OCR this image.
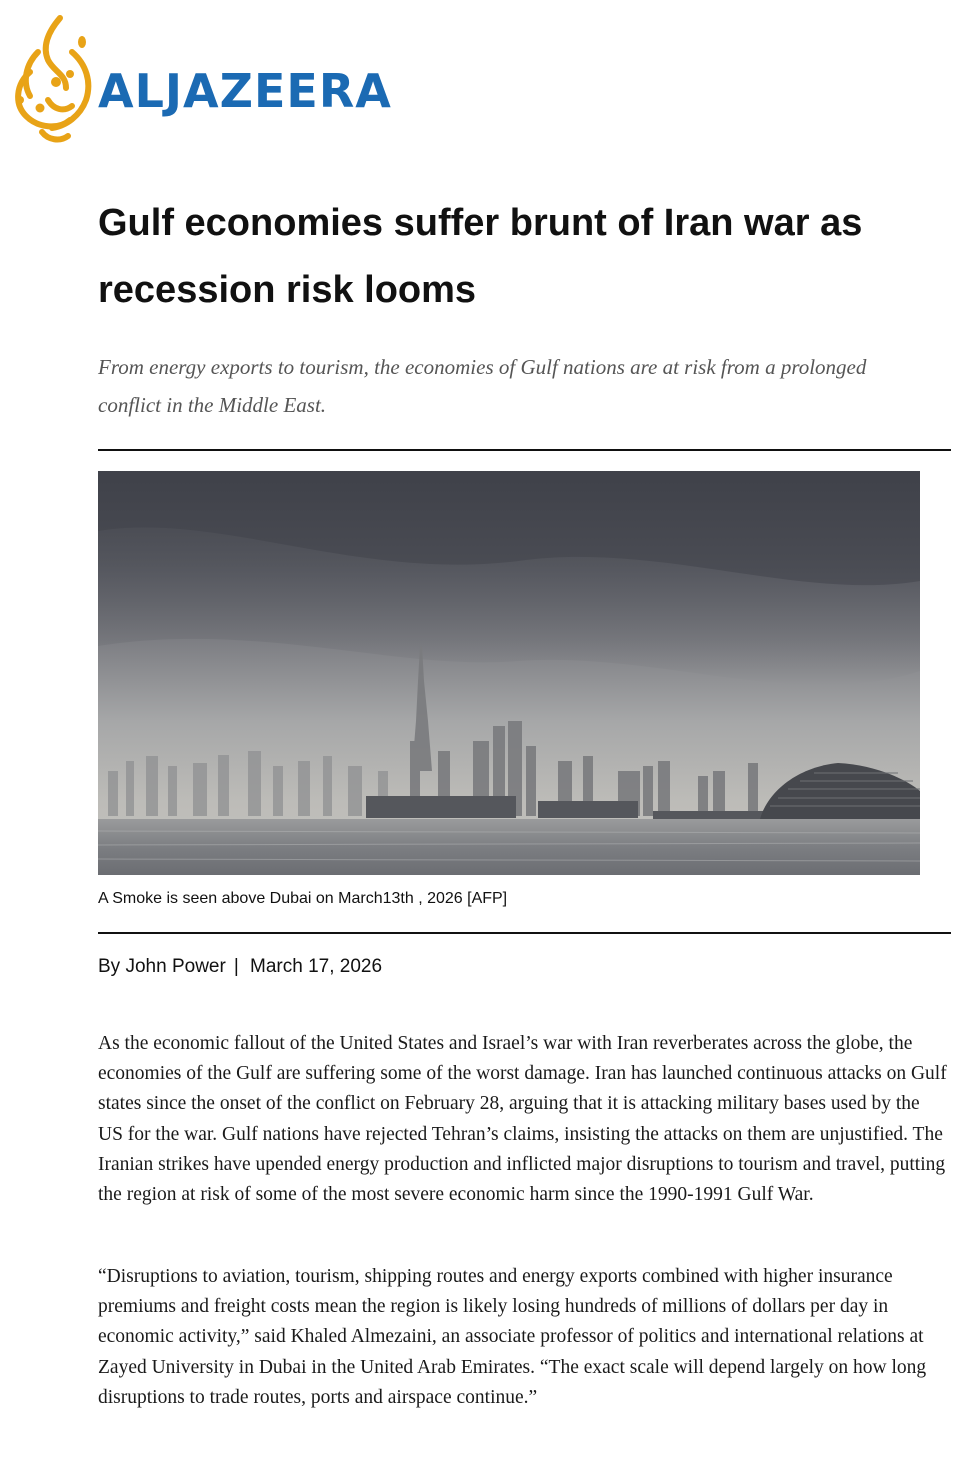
ALJAZEERA
Gulf economies suffer brunt of Iran war as recession risk looms

From energy exports to tourism, the economies of Gulf nations are at risk from a prolonged conflict in the Middle East.

A Smoke is seen above Dubai on March13th , 2026 [AFP]
By John Power | March 17, 2026

As the economic fallout of the United States and Israel’s war with Iran reverberates across the globe, the economies of the Gulf are suffering some of the worst damage. Iran has launched continuous attacks on Gulf states since the onset of the conflict on February 28, arguing that it is attacking military bases used by the US for the war. Gulf nations have rejected Tehran’s claims, insisting the attacks on them are unjustified. The Iranian strikes have upended energy production and inflicted major disruptions to tourism and travel, putting the region at risk of some of the most severe economic harm since the 1990-1991 Gulf War.

“Disruptions to aviation, tourism, shipping routes and energy exports combined with higher insurance premiums and freight costs mean the region is likely losing hundreds of millions of dollars per day in economic activity,” said Khaled Almezaini, an associate professor of politics and international relations at Zayed University in Dubai in the United Arab Emirates. “The exact scale will depend largely on how long disruptions to trade routes, ports and airspace continue.”
